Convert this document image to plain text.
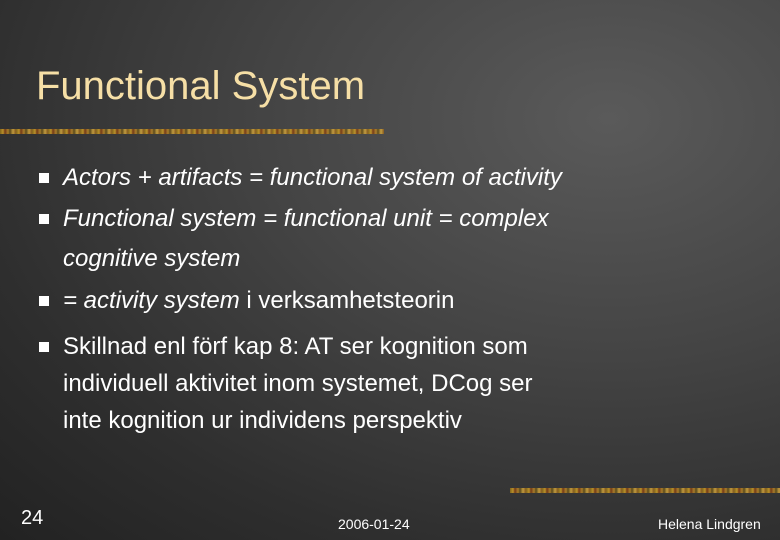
Functional System
Actors + artifacts = functional system of activity
Functional system = functional unit = complex
cognitive system
= activity system i verksamhetsteorin
Skillnad enl förf kap 8: AT ser kognition som
individuell aktivitet inom systemet, DCog ser
inte kognition ur individens perspektiv
24	2006-01-24	Helena Lindgren
